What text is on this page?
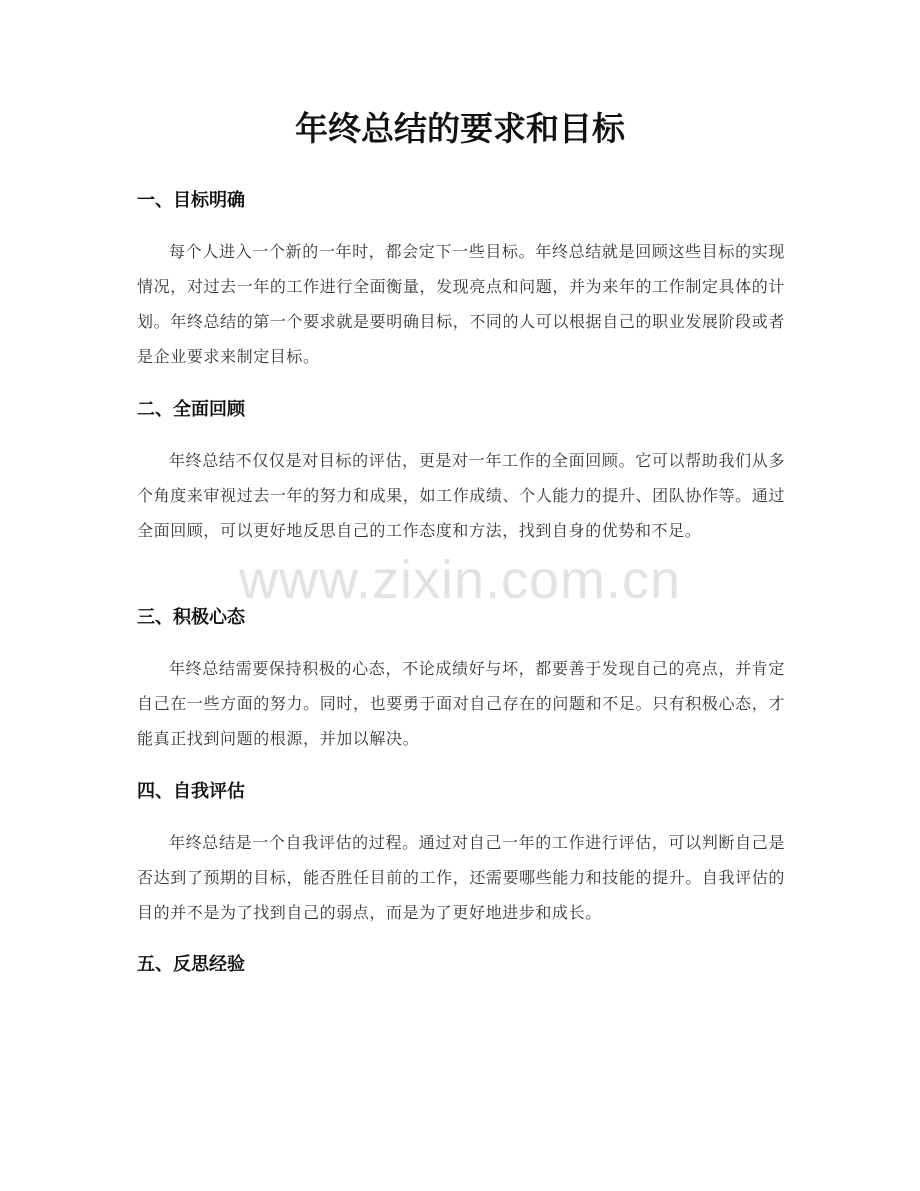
年终总结的要求和目标
一、目标明确

每个人进入一个新的一年时，都会定下一些目标。年终总结就是回顾这些目标的实现情况，对过去一年的工作进行全面衡量，发现亮点和问题，并为来年的工作制定具体的计划。年终总结的第一个要求就是要明确目标，不同的人可以根据自己的职业发展阶段或者是企业要求来制定目标。

二、全面回顾

年终总结不仅仅是对目标的评估，更是对一年工作的全面回顾。它可以帮助我们从多个角度来审视过去一年的努力和成果，如工作成绩、个人能力的提升、团队协作等。通过全面回顾，可以更好地反思自己的工作态度和方法，找到自身的优势和不足。

三、积极心态

年终总结需要保持积极的心态，不论成绩好与坏，都要善于发现自己的亮点，并肯定自己在一些方面的努力。同时，也要勇于面对自己存在的问题和不足。只有积极心态，才能真正找到问题的根源，并加以解决。

四、自我评估

年终总结是一个自我评估的过程。通过对自己一年的工作进行评估，可以判断自己是否达到了预期的目标，能否胜任目前的工作，还需要哪些能力和技能的提升。自我评估的目的并不是为了找到自己的弱点，而是为了更好地进步和成长。

五、反思经验
www.zixin.com.cn
